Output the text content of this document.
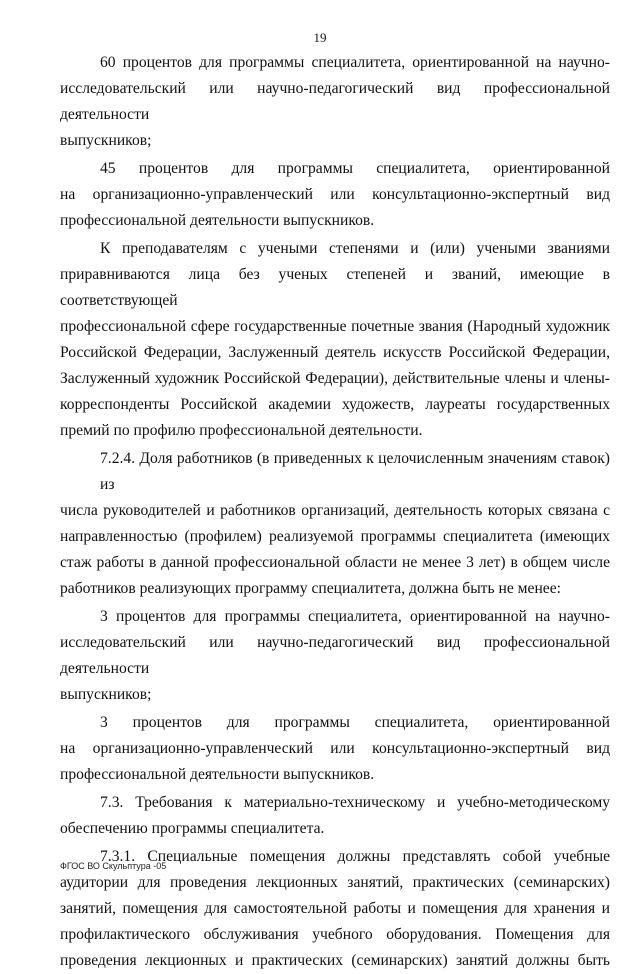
19
60 процентов для программы специалитета, ориентированной на научно-
исследовательский или научно-педагогический вид профессиональной деятельности
выпускников;
45 процентов для программы специалитета, ориентированной
на организационно-управленческий или консультационно-экспертный вид
профессиональной деятельности выпускников.
К преподавателям с учеными степенями и (или) учеными званиями
приравниваются лица без ученых степеней и званий, имеющие в соответствующей
профессиональной сфере государственные почетные звания (Народный художник
Российской Федерации, Заслуженный деятель искусств Российской Федерации,
Заслуженный художник Российской Федерации), действительные члены и члены-
корреспонденты Российской академии художеств, лауреаты государственных
премий по профилю профессиональной деятельности.
7.2.4. Доля работников (в приведенных к целочисленным значениям ставок) из
числа руководителей и работников организаций, деятельность которых связана с
направленностью (профилем) реализуемой программы специалитета (имеющих
стаж работы в данной профессиональной области не менее 3 лет) в общем числе
работников реализующих программу специалитета, должна быть не менее:
3 процентов для программы специалитета, ориентированной на научно-
исследовательский или научно-педагогический вид профессиональной деятельности
выпускников;
3 процентов для программы специалитета, ориентированной
на организационно-управленческий или консультационно-экспертный вид
профессиональной деятельности выпускников.
7.3. Требования к материально-техническому и учебно-методическому
обеспечению программы специалитета.
7.3.1. Специальные помещения должны представлять собой учебные
аудитории для проведения лекционных занятий, практических (семинарских)
занятий, помещения для самостоятельной работы и помещения для хранения и
профилактического обслуживания учебного оборудования. Помещения для
проведения лекционных и практических (семинарских) занятий должны быть
ФГОС ВО Скульптура -05
